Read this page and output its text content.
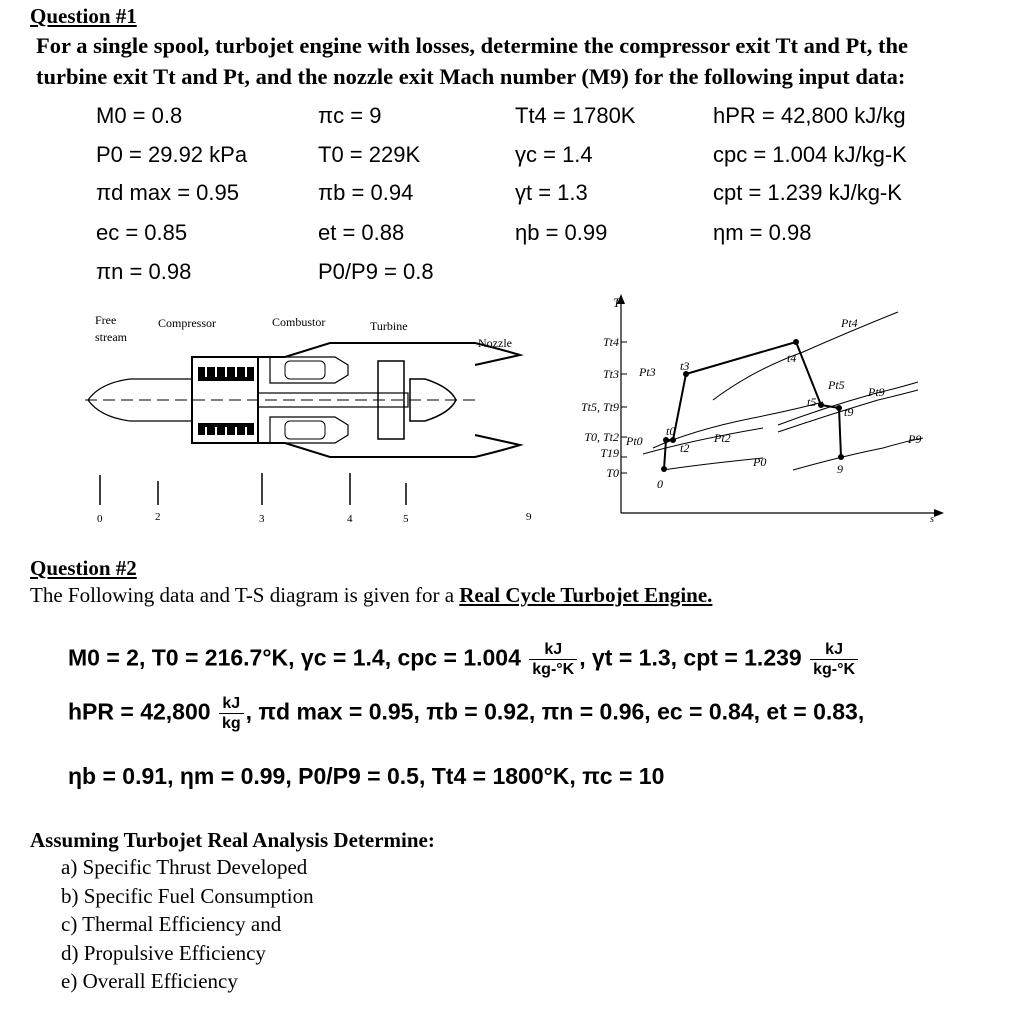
Question #1
For a single spool, turbojet engine with losses, determine the compressor exit Tt and Pt, the
turbine exit Tt and Pt, and the nozzle exit Mach number (M9) for the following input data:
M0 = 0.8	πc = 9	Tt4 = 1780K	hPR = 42,800 kJ/kg
P0 = 29.92 kPa	T0 = 229K	γc = 1.4	cpc = 1.004 kJ/kg-K
πd max = 0.95	πb = 0.94	γt = 1.3	cpt = 1.239 kJ/kg-K
ec = 0.85	et = 0.88	ηb = 0.99	ηm = 0.98
πn = 0.98	P0/P9 = 0.8
Free
stream
Compressor	Combustor	Turbine
Nozzle
0	2	3	4	5	9
T
s
Tt4
Tt3
Tt5, Tt9
T0, Tt2
T19
T0
t3
t4
t5
t9
t0
t2
0
9
Pt4
Pt3
Pt5 Pt9
Pt0	Pt2
P0
P9
Question #2
The Following data and T-S diagram is given for a Real Cycle Turbojet Engine.
M0 = 2, T0 = 216.7°K, γc = 1.4, cpc = $1.004 \frac{kJ}{kg-^\circ K}$ , γt = 1.3, cpt = $1.239 \frac{kJ}{kg-^\circ K}$
hPR = $42,800 \frac{kJ}{kg}$ , πd max = 0.95, πb = 0.92, πn = 0.96, ec = 0.84, et = 0.83,
ηb = 0.91, ηm = 0.99, P0/P9 = 0.5, Tt4 = 1800°K, πc = 10
Assuming Turbojet Real Analysis Determine:
a) Specific Thrust Developed
b) Specific Fuel Consumption
c) Thermal Efficiency and
d) Propulsive Efficiency
e) Overall Efficiency
